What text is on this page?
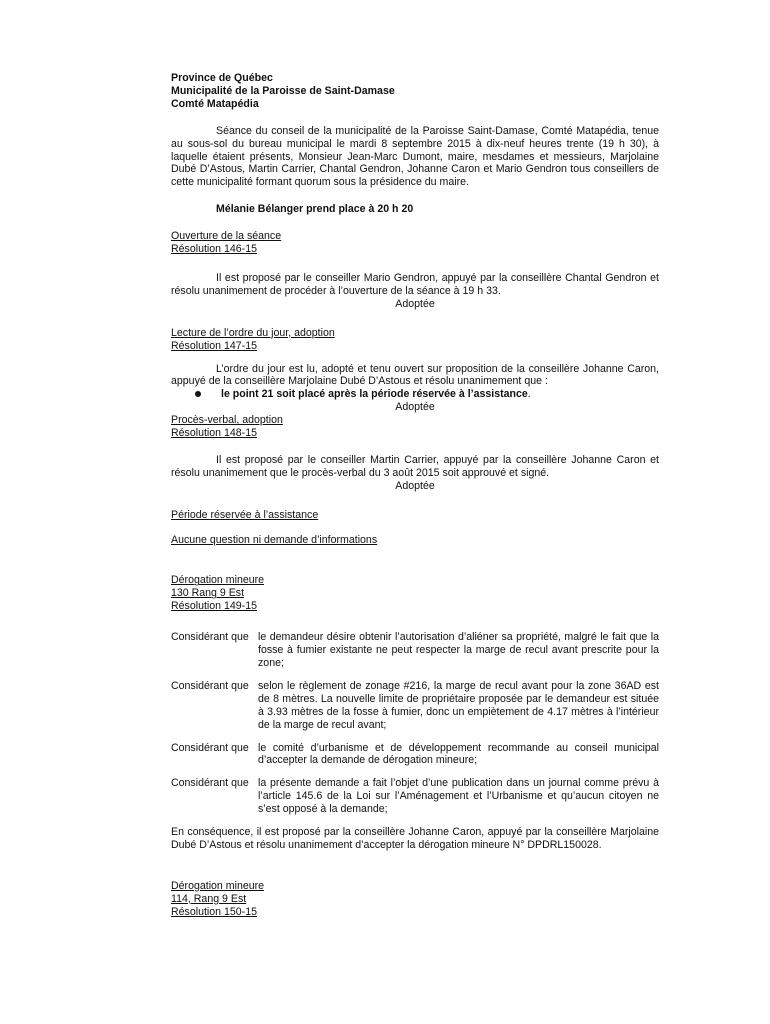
Province de Québec
Municipalité de la Paroisse de Saint-Damase
Comté Matapédia

Séance du conseil de la municipalité de la Paroisse Saint-Damase, Comté Matapédia, tenue au sous-sol du bureau municipal le mardi 8 septembre 2015 à dix-neuf heures trente (19 h 30), à laquelle étaient présents, Monsieur Jean-Marc Dumont, maire, mesdames et messieurs, Marjolaine Dubé D’Astous, Martin Carrier, Chantal Gendron, Johanne Caron et Mario Gendron tous conseillers de cette municipalité formant quorum sous la présidence du maire.

Mélanie Bélanger prend place à 20 h 20
Ouverture de la séance
Résolution 146-15

Il est proposé par le conseiller Mario Gendron, appuyé par la conseillère Chantal Gendron et résolu unanimement de procéder à l’ouverture de la séance à 19 h 33.

Adoptée
Lecture de l’ordre du jour, adoption
Résolution 147-15

L’ordre du jour est lu, adopté et tenu ouvert sur proposition de la conseillère Johanne Caron, appuyé de la conseillère Marjolaine Dubé D’Astous et résolu unanimement que :

le point 21 soit placé après la période réservée à l’assistance.
Adoptée
Procès-verbal, adoption
Résolution 148-15

Il est proposé par le conseiller Martin Carrier, appuyé par la conseillère Johanne Caron et résolu unanimement que le procès-verbal du 3 août 2015 soit approuvé et signé.

Adoptée
Période réservée à l’assistance
Aucune question ni demande d’informations
Dérogation mineure
130 Rang 9 Est
Résolution 149-15
Considérant que le demandeur désire obtenir l’autorisation d’aliéner sa propriété, malgré le fait que la fosse à fumier existante ne peut respecter la marge de recul avant prescrite pour la zone;
Considérant que selon le règlement de zonage #216, la marge de recul avant pour la zone 36AD est de 8 mètres. La nouvelle limite de propriétaire proposée par le demandeur est située à 3.93 mètres de la fosse à fumier, donc un empiètement de 4.17 mètres à l’intérieur de la marge de recul avant;
Considérant que le comité d’urbanisme et de développement recommande au conseil municipal d’accepter la demande de dérogation mineure;
Considérant que la présente demande a fait l’objet d’une publication dans un journal comme prévu à l’article 145.6 de la Loi sur l’Aménagement et l’Urbanisme et qu’aucun citoyen ne s’est opposé à la demande;

En conséquence, il est proposé par la conseillère Johanne Caron, appuyé par la conseillère Marjolaine Dubé D’Astous et résolu unanimement d’accepter la dérogation mineure N° DPDRL150028.

Dérogation mineure
114, Rang 9 Est
Résolution 150-15
